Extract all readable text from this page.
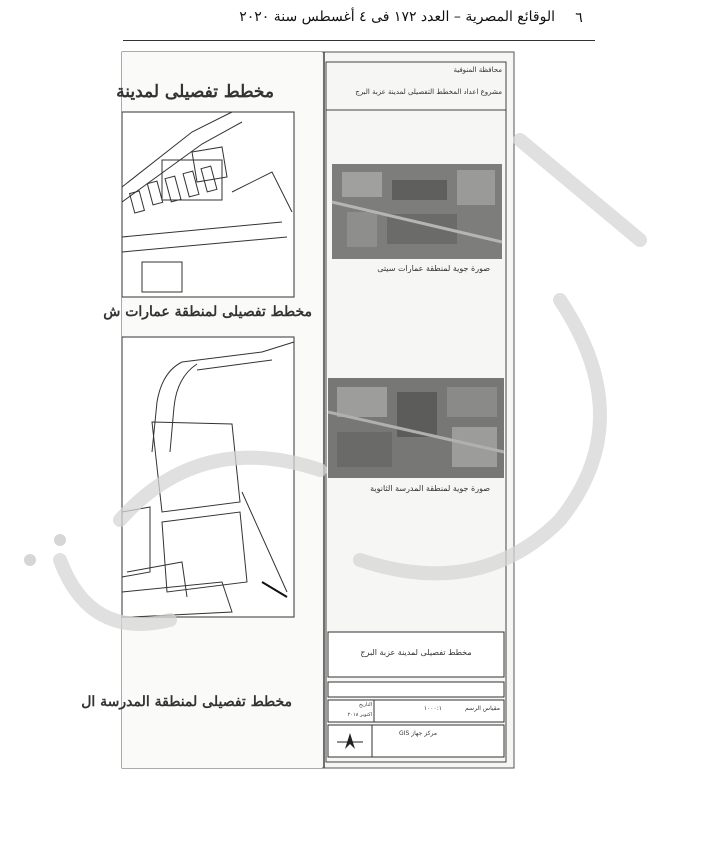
٦
الوقائع المصرية – العدد ١٧٢ فى ٤ أغسطس سنة ٢٠٢٠
مخطط تفصيلى لمدينة
مخطط تفصيلى لمنطقة عمارات ش
مخطط تفصيلى لمنطقة المدرسة ال
محافظة المنوفية
مشروع اعداد المخطط التفصيلى لمدينة عزبة البرج
صورة جوية لمنطقة عمارات سيتى
صورة جوية لمنطقة المدرسة الثانوية
مخطط تفصيلى لمدينة عزبة البرج
مقياس الرسم
١٠٠٠:١
التاريخ
اكتوبر ٢٠١٨
مركز جهاز GIS
